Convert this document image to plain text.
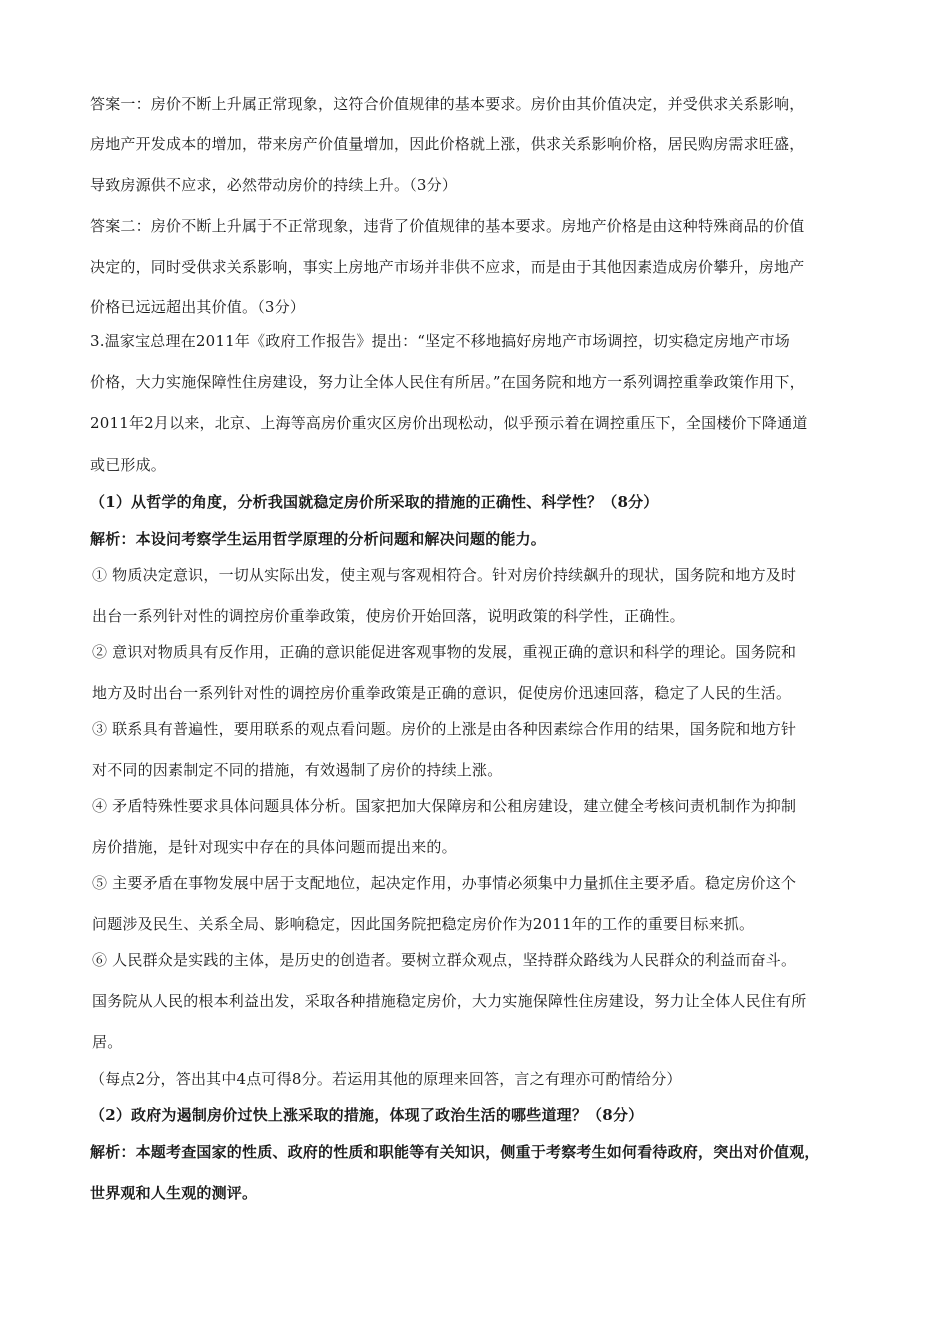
答案一：房价不断上升属正常现象，这符合价值规律的基本要求。房价由其价值决定，并受供求关系影响，
房地产开发成本的增加，带来房产价值量增加，因此价格就上涨，供求关系影响价格，居民购房需求旺盛，
导致房源供不应求，必然带动房价的持续上升。（3分）
答案二：房价不断上升属于不正常现象，违背了价值规律的基本要求。房地产价格是由这种特殊商品的价值
决定的，同时受供求关系影响，事实上房地产市场并非供不应求，而是由于其他因素造成房价攀升，房地产
价格已远远超出其价值。（3分）
3.温家宝总理在2011年《政府工作报告》提出：“坚定不移地搞好房地产市场调控，切实稳定房地产市场
价格，大力实施保障性住房建设，努力让全体人民住有所居。”在国务院和地方一系列调控重拳政策作用下，
2011年2月以来，北京、上海等高房价重灾区房价出现松动，似乎预示着在调控重压下，全国楼价下降通道
或已形成。
（1）从哲学的角度，分析我国就稳定房价所采取的措施的正确性、科学性？（8分）
解析：本设问考察学生运用哲学原理的分析问题和解决问题的能力。
① 物质决定意识，一切从实际出发，使主观与客观相符合。针对房价持续飙升的现状，国务院和地方及时
出台一系列针对性的调控房价重拳政策，使房价开始回落，说明政策的科学性，正确性。
② 意识对物质具有反作用，正确的意识能促进客观事物的发展，重视正确的意识和科学的理论。国务院和
地方及时出台一系列针对性的调控房价重拳政策是正确的意识，促使房价迅速回落，稳定了人民的生活。
③ 联系具有普遍性，要用联系的观点看问题。房价的上涨是由各种因素综合作用的结果，国务院和地方针
对不同的因素制定不同的措施，有效遏制了房价的持续上涨。
④ 矛盾特殊性要求具体问题具体分析。国家把加大保障房和公租房建设，建立健全考核问责机制作为抑制
房价措施，是针对现实中存在的具体问题而提出来的。
⑤ 主要矛盾在事物发展中居于支配地位，起决定作用，办事情必须集中力量抓住主要矛盾。稳定房价这个
问题涉及民生、关系全局、影响稳定，因此国务院把稳定房价作为2011年的工作的重要目标来抓。
⑥ 人民群众是实践的主体，是历史的创造者。要树立群众观点，坚持群众路线为人民群众的利益而奋斗。
国务院从人民的根本利益出发，采取各种措施稳定房价，大力实施保障性住房建设，努力让全体人民住有所
居。
（每点2分，答出其中4点可得8分。若运用其他的原理来回答，言之有理亦可酌情给分）
（2）政府为遏制房价过快上涨采取的措施，体现了政治生活的哪些道理？（8分）
解析：本题考查国家的性质、政府的性质和职能等有关知识，侧重于考察考生如何看待政府，突出对价值观，
世界观和人生观的测评。
